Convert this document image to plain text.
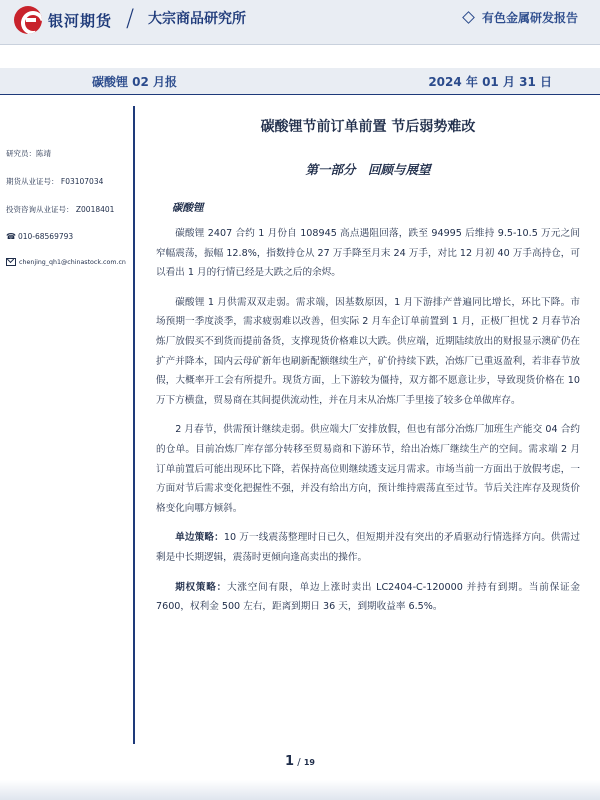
银河期货 / 大宗商品研究所	有色金属研发报告
碳酸锂 02 月报	2024 年 01 月 31 日
研究员：陈靖
期货从业证号： F03107034
投资咨询从业证号： Z0018401
☎ 010-68569793
chenjing_qh1@chinastock.com.cn
碳酸锂节前订单前置 节后弱势难改
第一部分　回顾与展望
碳酸锂

碳酸锂 2407 合约 1 月份自 108945 高点遇阻回落，跌至 94995 后维持 9.5-10.5 万元之间窄幅震荡，振幅 12.8%，指数持仓从 27 万手降至月末 24 万手，对比 12 月初 40 万手高持仓，可以看出 1 月的行情已经是大跌之后的余烬。

碳酸锂 1 月供需双双走弱。需求端，因基数原因，1 月下游排产普遍同比增长，环比下降。市场预期一季度淡季，需求疲弱难以改善，但实际 2 月车企订单前置到 1 月，正极厂担忧 2 月春节冶炼厂放假买不到货而提前备货，支撑现货价格难以大跌。供应端，近期陆续放出的财报显示澳矿仍在扩产并降本，国内云母矿新年也刷新配额继续生产，矿价持续下跌，冶炼厂已重返盈利，若非春节放假，大概率开工会有所提升。现货方面，上下游较为僵持，双方都不愿意让步，导致现货价格在 10 万下方横盘，贸易商在其间提供流动性，并在月末从冶炼厂手里接了较多仓单做库存。

2 月春节，供需预计继续走弱。供应端大厂安排放假，但也有部分冶炼厂加班生产能交 04 合约的仓单。目前冶炼厂库存部分转移至贸易商和下游环节，给出冶炼厂继续生产的空间。需求端 2 月订单前置后可能出现环比下降，若保持高位则继续透支远月需求。市场当前一方面出于放假考虑，一方面对节后需求变化把握性不强，并没有给出方向，预计维持震荡直至过节。节后关注库存及现货价格变化向哪方倾斜。

单边策略：10 万一线震荡整理时日已久，但短期并没有突出的矛盾驱动行情选择方向。供需过剩是中长期逻辑，震荡时更倾向逢高卖出的操作。

期权策略：大涨空间有限，单边上涨时卖出 LC2404-C-120000 并持有到期。当前保证金 7600，权利金 500 左右，距离到期日 36 天，到期收益率 6.5%。

1 / 19
